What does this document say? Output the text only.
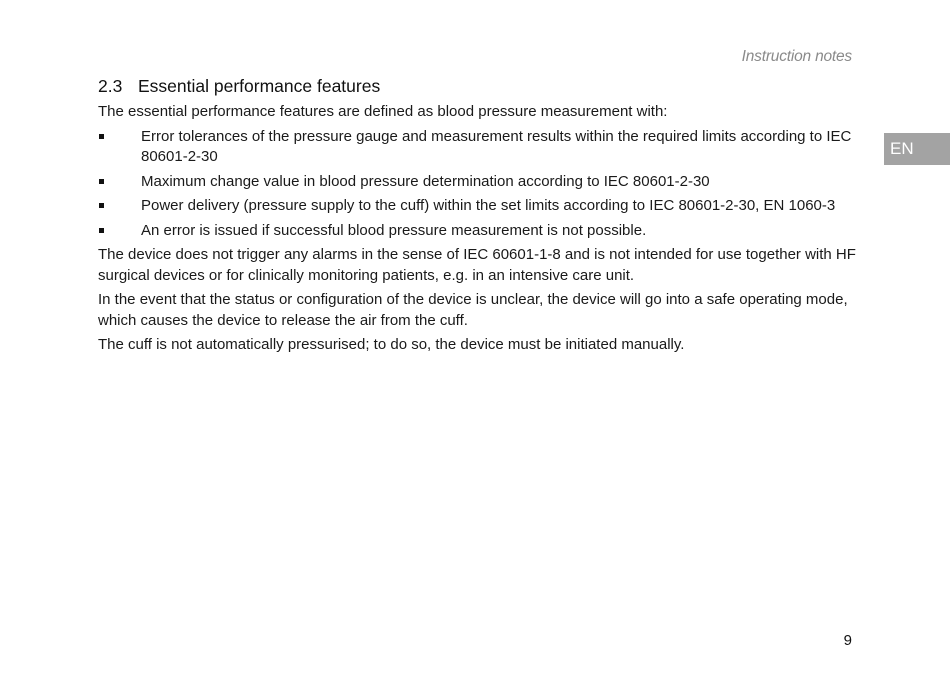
Instruction notes
EN
2.3 Essential performance features

The essential performance features are defined as blood pressure measurement with:

Error tolerances of the pressure gauge and measurement results within the required limits according to IEC 80601-2-30
Maximum change value in blood pressure determination according to IEC 80601-2-30
Power delivery (pressure supply to the cuff) within the set limits according to IEC 80601-2-30, EN 1060-3
An error is issued if successful blood pressure measurement is not possible.

The device does not trigger any alarms in the sense of IEC 60601-1-8 and is not intended for use together with HF surgical devices or for clinically monitoring patients, e.g. in an intensive care unit.

In the event that the status or configuration of the device is unclear, the device will go into a safe operating mode, which causes the device to release the air from the cuff.

The cuff is not automatically pressurised; to do so, the device must be initiated manually.

9
